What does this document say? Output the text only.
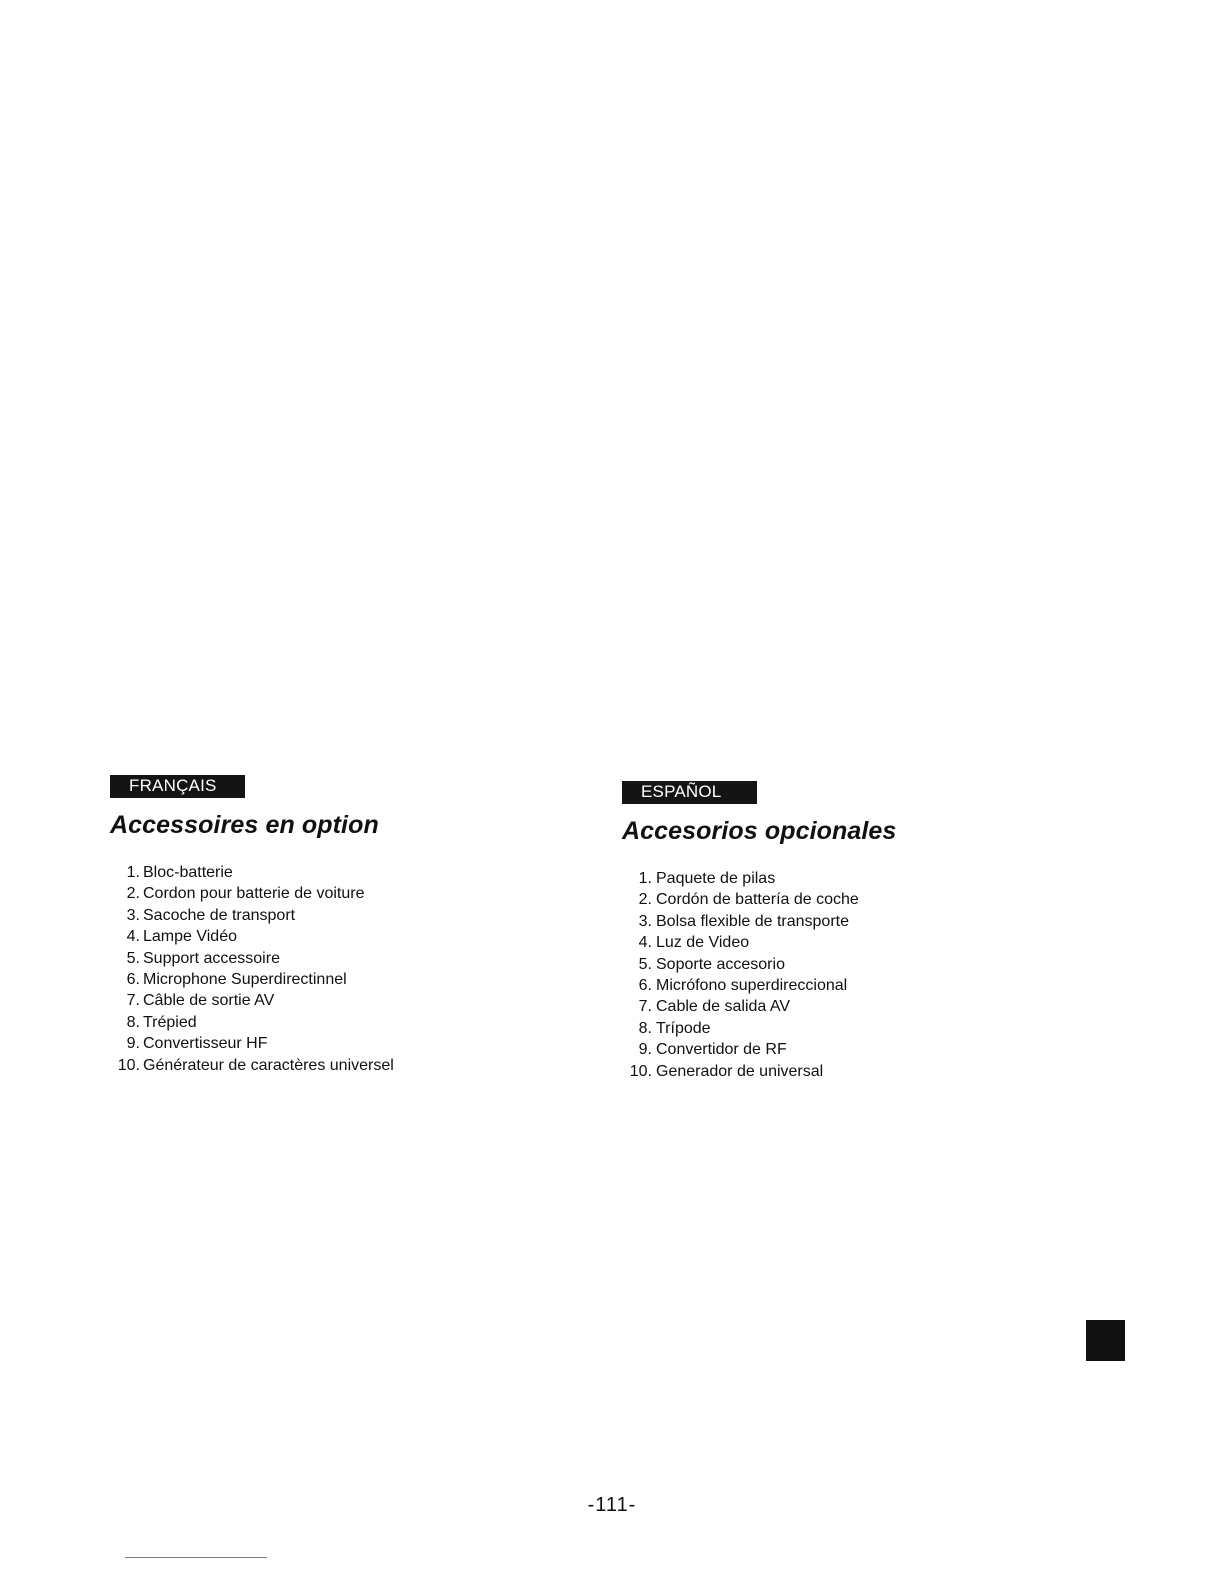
FRANÇAIS
Accessoires en option
1. Bloc-batterie
2. Cordon pour batterie de voiture
3. Sacoche de transport
4. Lampe Vidéo
5. Support accessoire
6. Microphone Superdirectinnel
7. Câble de sortie AV
8. Trépied
9. Convertisseur HF
10. Générateur de caractères universel
ESPAÑOL
Accesorios opcionales
1. Paquete de pilas
2. Cordón de battería de coche
3. Bolsa flexible de transporte
4. Luz de Video
5. Soporte accesorio
6. Micrófono superdireccional
7. Cable de salida AV
8. Trípode
9. Convertidor de RF
10. Generador de universal
-111-
